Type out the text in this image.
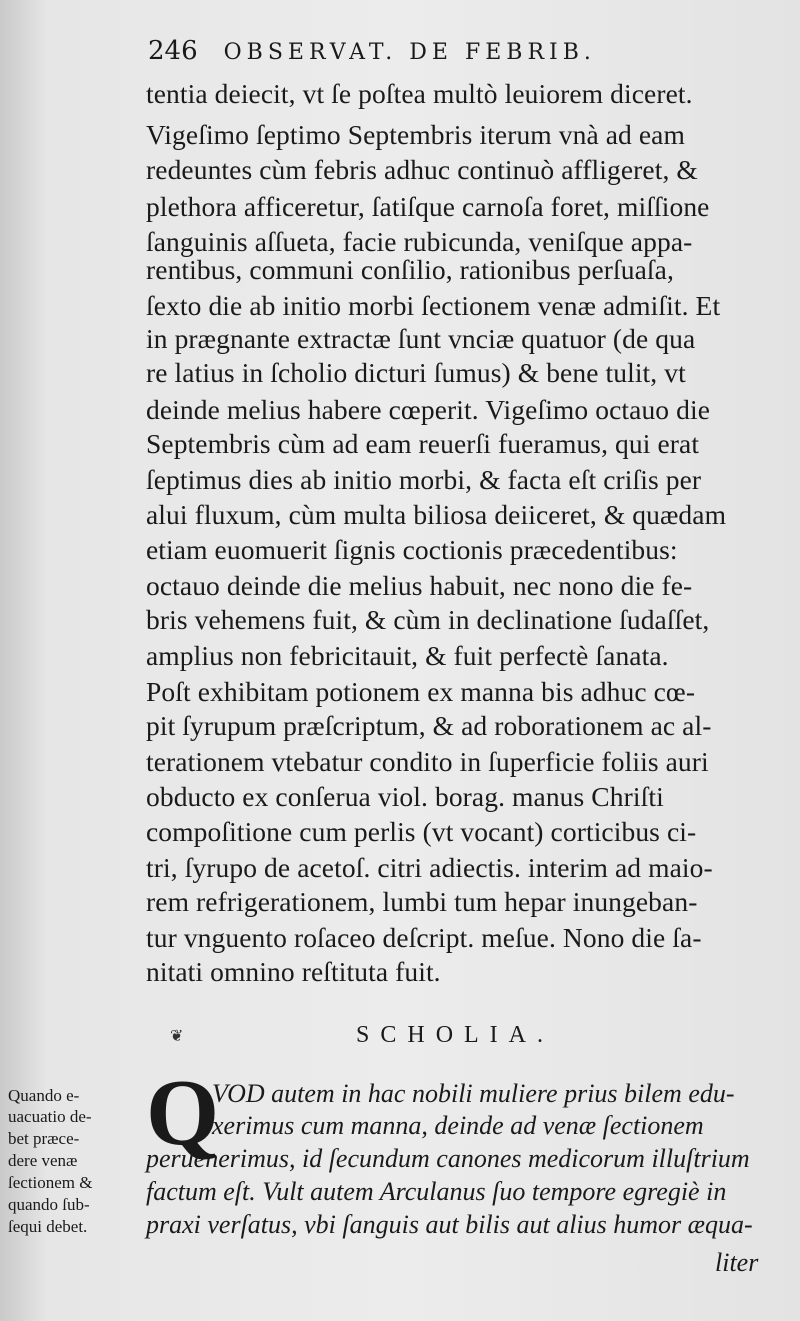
246 OBSERVAT. DE FEBRIB.
tentia deiecit, vt ſe poſtea multò leuiorem diceret.
Vigeſimo ſeptimo Septembris iterum vnà ad eam
redeuntes cùm febris adhuc continuò affligeret, &
plethora afficeretur, ſatiſque carnoſa foret, miſſione
ſanguinis aſſueta, facie rubicunda, veniſque appa-
rentibus, communi conſilio, rationibus perſuaſa,
ſexto die ab initio morbi ſectionem venæ admiſit. Et
in prægnante extractæ ſunt vnciæ quatuor (de qua
re latius in ſcholio dicturi ſumus) & bene tulit, vt
deinde melius habere cœperit. Vigeſimo octauo die
Septembris cùm ad eam reuerſi fueramus, qui erat
ſeptimus dies ab initio morbi, & facta eſt criſis per
alui fluxum, cùm multa biliosa deiiceret, & quædam
etiam euomuerit ſignis coctionis præcedentibus:
octauo deinde die melius habuit, nec nono die fe-
bris vehemens fuit, & cùm in declinatione ſudaſſet,
amplius non febricitauit, & fuit perfectè ſanata.
Poſt exhibitam potionem ex manna bis adhuc cœ-
pit ſyrupum præſcriptum, & ad roborationem ac al-
terationem vtebatur condito in ſuperficie foliis auri
obducto ex conſerua viol. borag. manus Chriſti
compoſitione cum perlis (vt vocant) corticibus ci-
tri, ſyrupo de acetoſ. citri adiectis. interim ad maio-
rem refrigerationem, lumbi tum hepar inungeban-
tur vnguento roſaceo deſcript. meſue. Nono die ſa-
nitati omnino reſtituta fuit.
❦	SCHOLIA.
Q
VOD autem in hac nobili muliere prius bilem edu-
xerimus cum manna, deinde ad venæ ſectionem
peruenerimus, id ſecundum canones medicorum illuſtrium
factum eſt. Vult autem Arculanus ſuo tempore egregiè in
praxi verſatus, vbi ſanguis aut bilis aut alius humor æqua-
liter
Quando e-
uacuatio de-
bet præce-
dere venæ
ſectionem &
quando ſub-
ſequi debet.
